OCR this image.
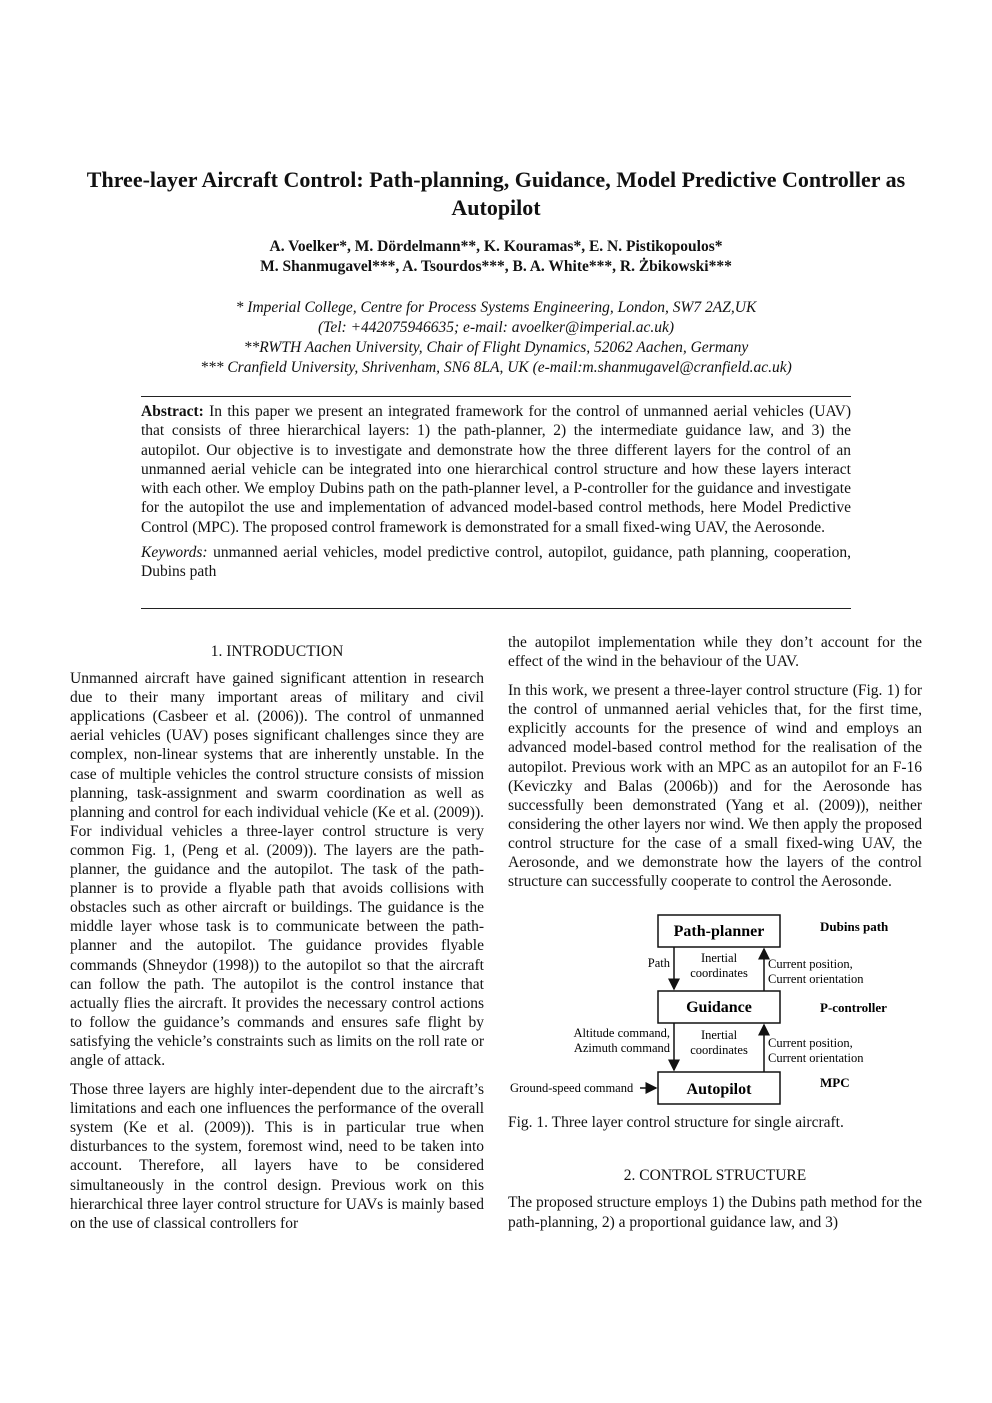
Three-layer Aircraft Control: Path-planning, Guidance, Model Predictive Controller as Autopilot
A. Voelker*, M. Dördelmann**, K. Kouramas*, E. N. Pistikopoulos*
M. Shanmugavel***, A. Tsourdos***, B. A. White***, R. Żbikowski***
* Imperial College, Centre for Process Systems Engineering, London, SW7 2AZ,UK
(Tel: +442075946635; e-mail: avoelker@imperial.ac.uk)
**RWTH Aachen University, Chair of Flight Dynamics, 52062 Aachen, Germany
*** Cranfield University, Shrivenham, SN6 8LA, UK (e-mail:m.shanmugavel@cranfield.ac.uk)

Abstract: In this paper we present an integrated framework for the control of unmanned aerial vehicles (UAV) that consists of three hierarchical layers: 1) the path-planner, 2) the intermediate guidance law, and 3) the autopilot. Our objective is to investigate and demonstrate how the three different layers for the control of an unmanned aerial vehicle can be integrated into one hierarchical control structure and how these layers interact with each other. We employ Dubins path on the path-planner level, a P-controller for the guidance and investigate for the autopilot the use and implementation of advanced model-based control methods, here Model Predictive Control (MPC). The proposed control framework is demonstrated for a small fixed-wing UAV, the Aerosonde.

Keywords: unmanned aerial vehicles, model predictive control, autopilot, guidance, path planning, cooperation, Dubins path

1. INTRODUCTION

Unmanned aircraft have gained significant attention in research due to their many important areas of military and civil applications (Casbeer et al. (2006)). The control of unmanned aerial vehicles (UAV) poses significant challenges since they are complex, non-linear systems that are inherently unstable. In the case of multiple vehicles the control structure consists of mission planning, task-assignment and swarm coordination as well as planning and control for each individual vehicle (Ke et al. (2009)). For individual vehicles a three-layer control structure is very common Fig. 1, (Peng et al. (2009)). The layers are the path-planner, the guidance and the autopilot. The task of the path-planner is to provide a flyable path that avoids collisions with obstacles such as other aircraft or buildings. The guidance is the middle layer whose task is to communicate between the path-planner and the autopilot. The guidance provides flyable commands (Shneydor (1998)) to the autopilot so that the aircraft can follow the path. The autopilot is the control instance that actually flies the aircraft. It provides the necessary control actions to follow the guidance’s commands and ensures safe flight by satisfying the vehicle’s constraints such as limits on the roll rate or angle of attack.

Those three layers are highly inter-dependent due to the aircraft’s limitations and each one influences the performance of the overall system (Ke et al. (2009)). This is in particular true when disturbances to the system, foremost wind, need to be taken into account. Therefore, all layers have to be considered simultaneously in the control design. Previous work on this hierarchical three layer control structure for UAVs is mainly based on the use of classical controllers for

the autopilot implementation while they don’t account for the effect of the wind in the behaviour of the UAV.

In this work, we present a three-layer control structure (Fig. 1) for the control of unmanned aerial vehicles that, for the first time, explicitly accounts for the presence of wind and employs an advanced model-based control method for the realisation of the autopilot. Previous work with an MPC as an autopilot for an F-16 (Keviczky and Balas (2006b)) and for the Aerosonde has successfully been demonstrated (Yang et al. (2009)), neither considering the other layers nor wind. We then apply the proposed control structure for the case of a small fixed-wing UAV, the Aerosonde, and we demonstrate how the layers of the control structure can successfully cooperate to control the Aerosonde.

Path-planner
Guidance
Autopilot
Dubins path
P-controller
MPC
Path Inertial
coordinates
Current position,
Current orientation
Altitude command,
Azimuth command
Inertial
coordinates Current position,
Current orientation
Ground-speed command
Fig. 1. Three layer control structure for single aircraft.
2. CONTROL STRUCTURE

The proposed structure employs 1) the Dubins path method for the path-planning, 2) a proportional guidance law, and 3)
